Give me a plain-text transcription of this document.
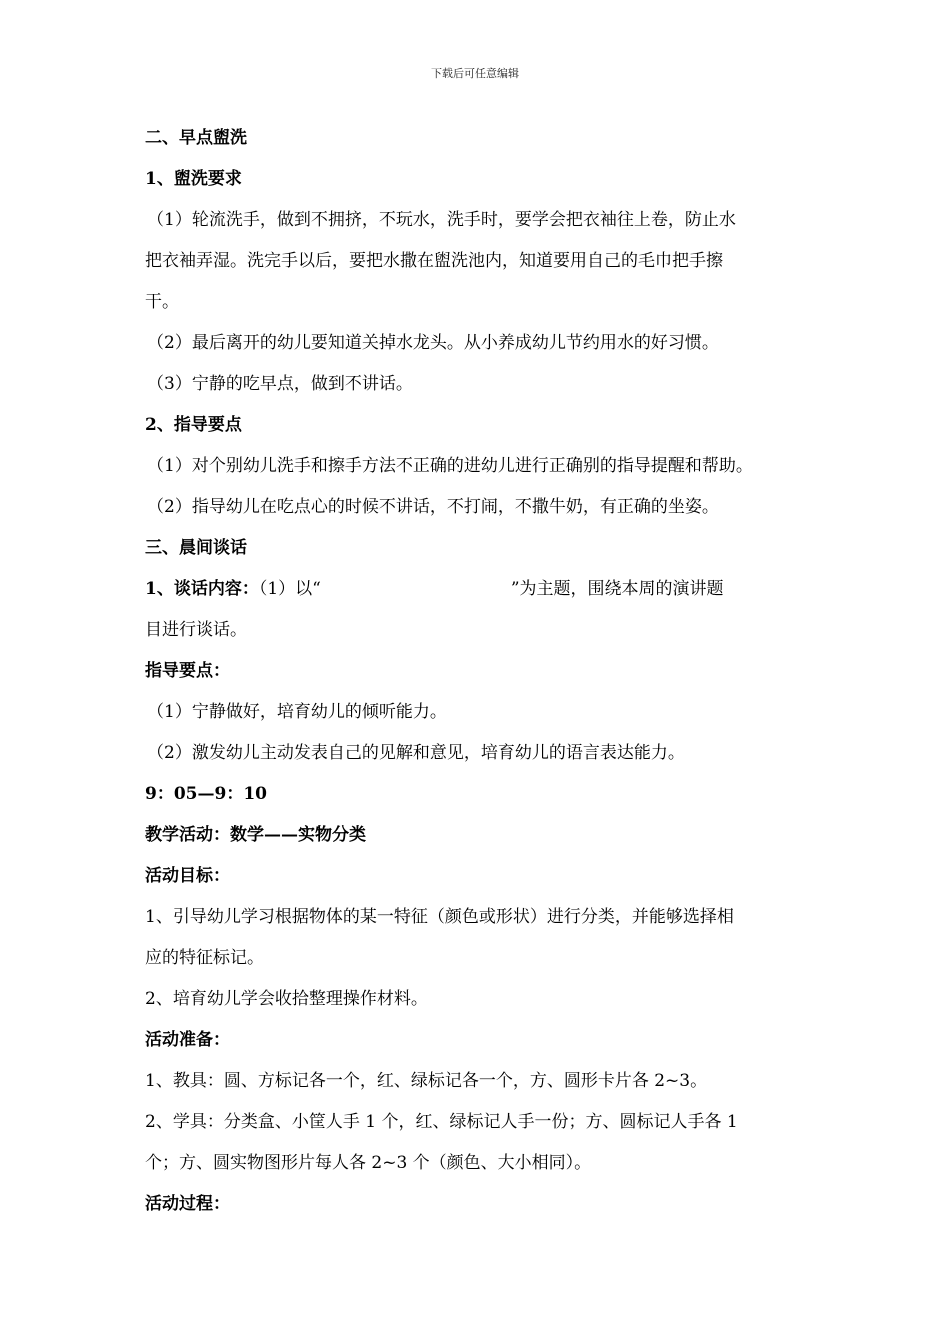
下载后可任意编辑
二、早点盥洗
1、盥洗要求
（1）轮流洗手，做到不拥挤，不玩水，洗手时，要学会把衣袖往上卷，防止水
把衣袖弄湿。洗完手以后，要把水撒在盥洗池内，知道要用自己的毛巾把手擦
干。
（2）最后离开的幼儿要知道关掉水龙头。从小养成幼儿节约用水的好习惯。
（3）宁静的吃早点，做到不讲话。
2、指导要点
（1）对个别幼儿洗手和擦手方法不正确的进幼儿进行正确别的指导提醒和帮助。
（2）指导幼儿在吃点心的时候不讲话，不打闹，不撒牛奶，有正确的坐姿。
三、晨间谈话
1、谈话内容：（1）以“	”为主题，围绕本周的演讲题
目进行谈话。
指导要点：
（1）宁静做好，培育幼儿的倾听能力。
（2）激发幼儿主动发表自己的见解和意见，培育幼儿的语言表达能力。
9：05—9：10
教学活动：数学——实物分类
活动目标：
1、引导幼儿学习根据物体的某一特征（颜色或形状）进行分类，并能够选择相
应的特征标记。
2、培育幼儿学会收拾整理操作材料。
活动准备：
1、教具：圆、方标记各一个，红、绿标记各一个，方、圆形卡片各 2~3。
2、学具：分类盒、小筐人手 1 个，红、绿标记人手一份；方、圆标记人手各 1
个；方、圆实物图形片每人各 2~3 个（颜色、大小相同）。
活动过程：
